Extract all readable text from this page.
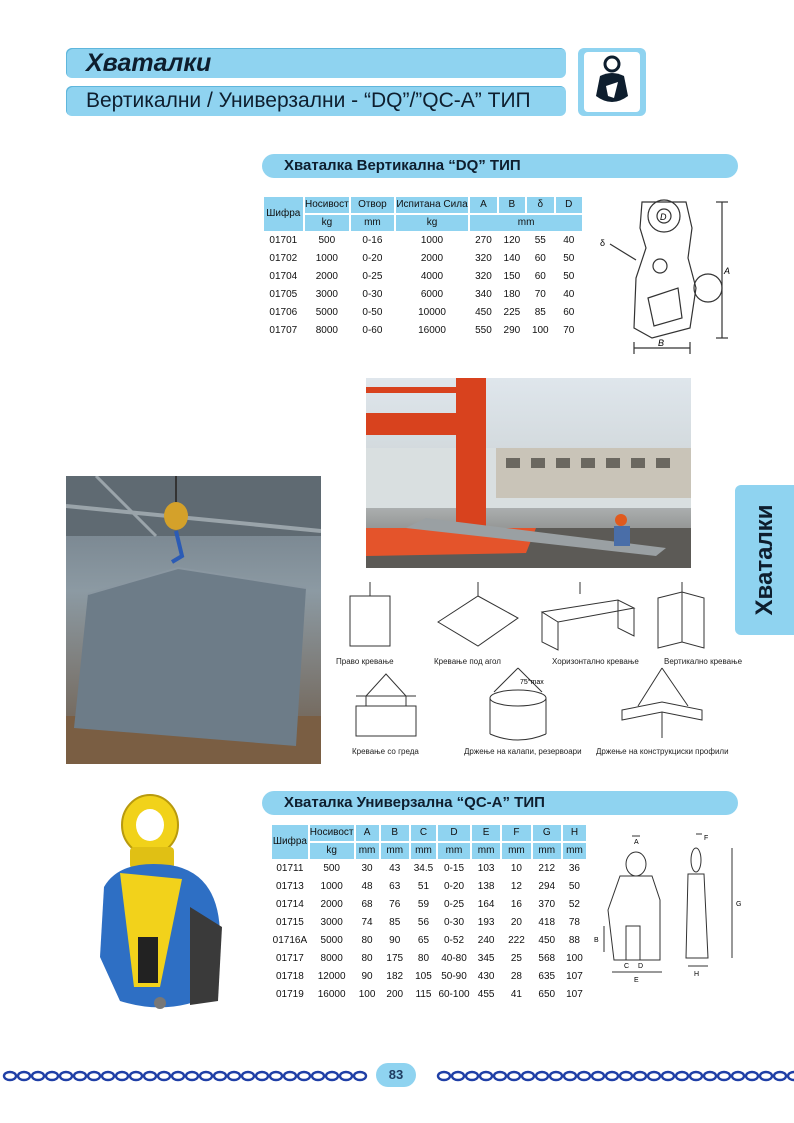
Хваталки
Вертикални / Универзални - “DQ”/”QC-A” ТИП
Хваталка Вертикална “DQ” ТИП
Шифра	Носивост	Отвор	Испитана Сила	A	B	δ	D
	kg	mm	kg	mm			
01701	500	0-16	1000	270	120	55	40
01702	1000	0-20	2000	320	140	60	50
01704	2000	0-25	4000	320	150	60	50
01705	3000	0-30	6000	340	180	70	40
01706	5000	0-50	10000	450	225	85	60
01707	8000	0-60	16000	550	290	100	70
D
δ
A
B
Хваталки
Правo кревање	Кревање под агол	Хоризонтално кревање	Вертикално кревање
Кревање со греда
75°max
Држење на калапи, резервоари Држење на конструкциски профили
Хваталка Универзална “QC-A” ТИП
Шифра	Носивост	A	B	C	D	E	F	G	H
	kg	mm	mm	mm	mm	mm	mm	mm	mm
01711	500	30	43	34.5	0-15	103	10	212	36
01713	1000	48	63	51	0-20	138	12	294	50
01714	2000	68	76	59	0-25	164	16	370	52
01715	3000	74	85	56	0-30	193	20	418	78
01716A	5000	80	90	65	0-52	240	222	450	88
01717	8000	80	175	80	40-80	345	25	568	100
01718	12000	90	182	105	50-90	430	28	635	107
01719	16000	100	200	115	60-100	455	41	650	107
A
B
C D
E
F
G
H
83
